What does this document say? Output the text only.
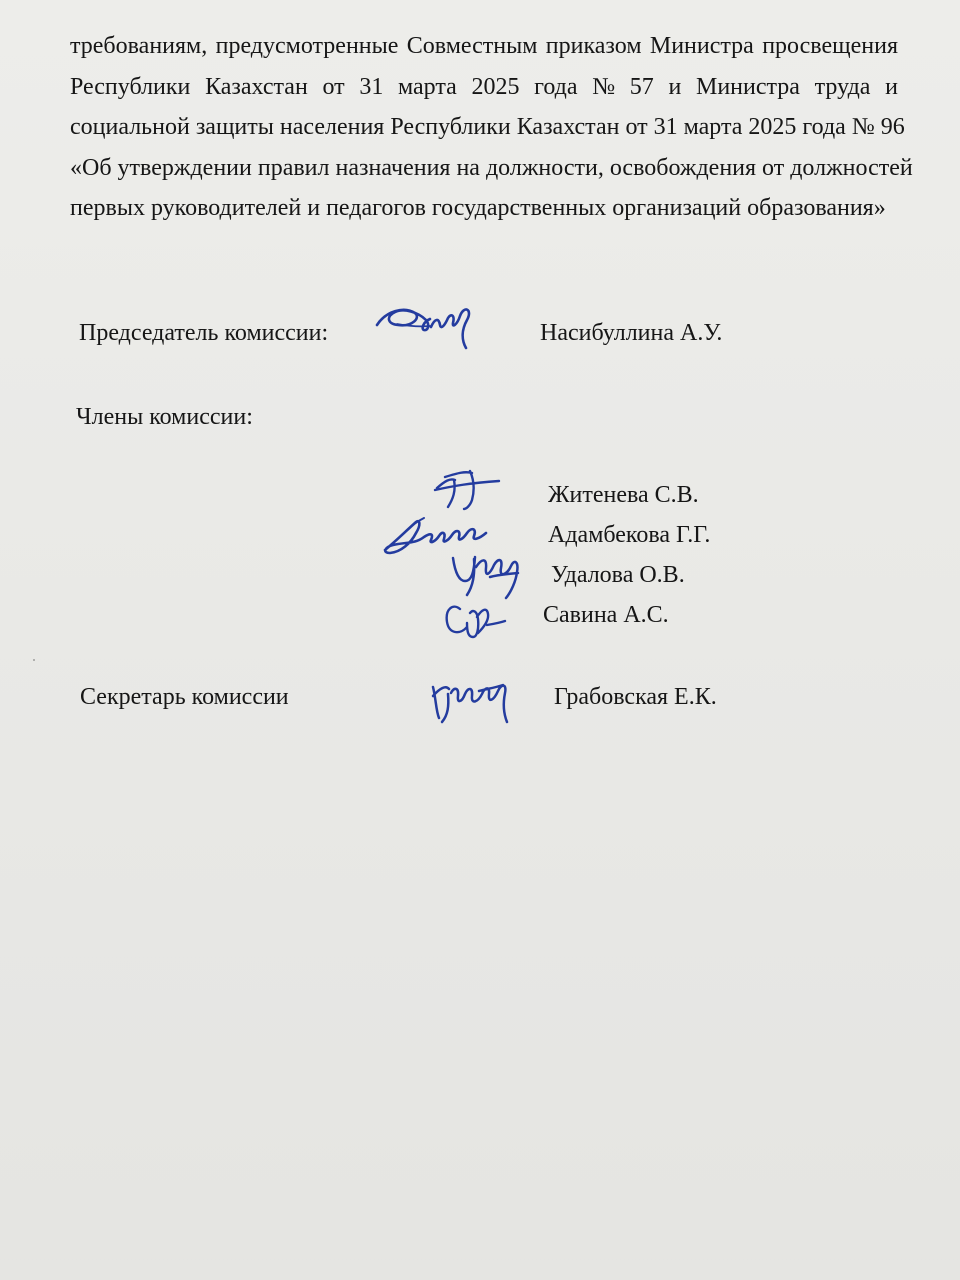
требованиям, предусмотренные Совместным приказом Министра просвещения
Республики Казахстан от 31 марта 2025 года № 57 и Министра труда и
социальной защиты населения Республики Казахстан от 31 марта 2025 года № 96
«Об утверждении правил назначения на должности, освобождения от должностей
первых руководителей и педагогов государственных организаций образования»

Председатель комиссии:	Насибуллина А.У.
Члены комиссии:
Житенева С.В.
Адамбекова Г.Г.
Удалова О.В.
Савина А.С.
Секретарь комиссии	Грабовская Е.К.
